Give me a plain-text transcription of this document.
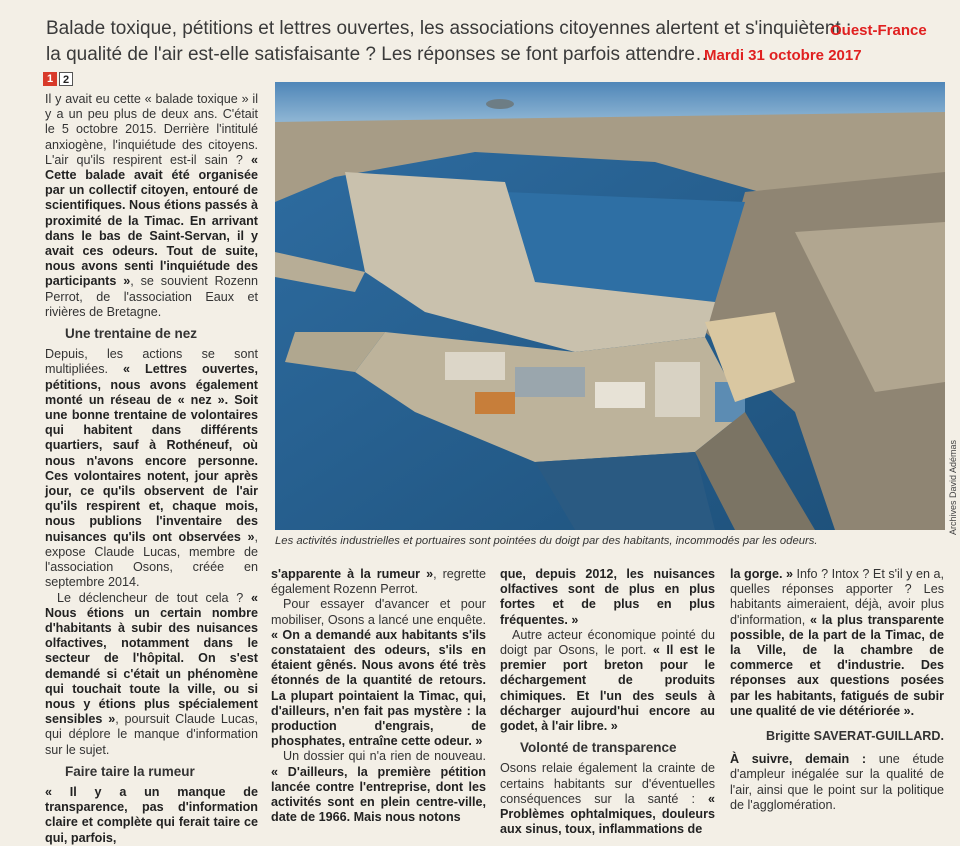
Balade toxique, pétitions et lettres ouvertes, les associations citoyennes alertent et s'inquiètent :
la qualité de l'air est-elle satisfaisante ? Les réponses se font parfois attendre…
Ouest-France
Mardi 31 octobre 2017
1 2

Il y avait eu cette « balade toxique » il y a un peu plus de deux ans. C'était le 5 octobre 2015. Derrière l'intitulé anxiogène, l'inquiétude des citoyens. L'air qu'ils respirent est-il sain ? « Cette balade avait été organisée par un collectif citoyen, entouré de scientifiques. Nous étions passés à proximité de la Timac. En arrivant dans le bas de Saint-Servan, il y avait ces odeurs. Tout de suite, nous avons senti l'inquiétude des participants », se souvient Rozenn Perrot, de l'association Eaux et rivières de Bretagne.

Une trentaine de nez

Depuis, les actions se sont multipliées. « Lettres ouvertes, pétitions, nous avons également monté un réseau de « nez ». Soit une bonne trentaine de volontaires qui habitent dans différents quartiers, sauf à Rothéneuf, où nous n'avons encore personne. Ces volontaires notent, jour après jour, ce qu'ils observent de l'air qu'ils respirent et, chaque mois, nous publions l'inventaire des nuisances qu'ils ont observées », expose Claude Lucas, membre de l'association Osons, créée en septembre 2014.

Le déclencheur de tout cela ? « Nous étions un certain nombre d'habitants à subir des nuisances olfactives, notamment dans le secteur de l'hôpital. On s'est demandé si c'était un phénomène qui touchait toute la ville, ou si nous y étions plus spécialement sensibles », poursuit Claude Lucas, qui déplore le manque d'information sur le sujet.

Faire taire la rumeur

« Il y a un manque de transparence, pas d'information claire et complète qui ferait taire ce qui, parfois,

Archives David Adémas
Les activités industrielles et portuaires sont pointées du doigt par des habitants, incommodés par les odeurs.

s'apparente à la rumeur », regrette également Rozenn Perrot.

Pour essayer d'avancer et pour mobiliser, Osons a lancé une enquête. « On a demandé aux habitants s'ils constataient des odeurs, s'ils en étaient gênés. Nous avons été très étonnés de la quantité de retours. La plupart pointaient la Timac, qui, d'ailleurs, n'en fait pas mystère : la production d'engrais, de phosphates, entraîne cette odeur. »

Un dossier qui n'a rien de nouveau. « D'ailleurs, la première pétition lancée contre l'entreprise, dont les activités sont en plein centre-ville, date de 1966. Mais nous notons

que, depuis 2012, les nuisances olfactives sont de plus en plus fortes et de plus en plus fréquentes. »

Autre acteur économique pointé du doigt par Osons, le port. « Il est le premier port breton pour le déchargement de produits chimiques. Et l'un des seuls à décharger aujourd'hui encore au godet, à l'air libre. »

Volonté de transparence

Osons relaie également la crainte de certains habitants sur d'éventuelles conséquences sur la santé : « Problèmes ophtalmiques, douleurs aux sinus, toux, inflammations de

la gorge. » Info ? Intox ? Et s'il y en a, quelles réponses apporter ? Les habitants aimeraient, déjà, avoir plus d'information, « la plus transparente possible, de la part de la Timac, de la Ville, de la chambre de commerce et d'industrie. Des réponses aux questions posées par les habitants, fatigués de subir une qualité de vie détériorée ».

Brigitte SAVERAT-GUILLARD.

À suivre, demain : une étude d'ampleur inégalée sur la qualité de l'air, ainsi que le point sur la politique de l'agglomération.
